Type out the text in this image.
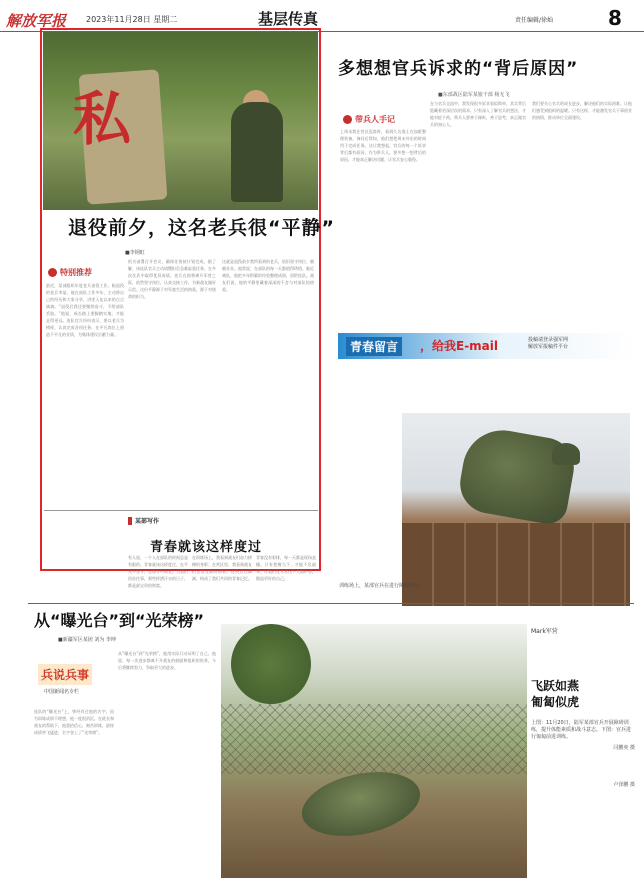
解放军报 2023年11月28日 星期二	基层传真	责任编辑/徐灿	8
私
退役前夕，这名老兵很“平静”
■李钢虹
特别推荐
最近，某部组织年度老兵退役工作。临退役的老兵李某，他在部队工作多年，主动将自己的经历和大家分享，讲述入伍以来的点点滴滴。“退役后我还要继续奋斗，不给部队丢脸。”他说，成长路上要脚踏实地，才能走得更远。连队官兵纷纷表示，要以老兵为榜样，认真完成各项任务，在平凡岗位上创造不平凡的业绩，为集体建设贡献力量。
机关部署召开会议，确保任务按计划完成。据了解，该连队官兵主动请缨担负急难险重任务，在多次比武中取得优异成绩。老兵在即将离开军营之际，依然坚守岗位，认真交接工作，为新战友做好示范。这份平静源于对军旅生活的热爱，源于对使命的担当。
这就是退役前夕我所看到的老兵，依旧坚守岗位，兢兢业业。他常说，在部队的每一天都值得珍惜。临近离队，他把多年积累的经验整理成册，留给连队。战友们说，他的平静里藏着深深的不舍与对部队的热爱。
某部写作
青春就该这样度过
有人说，一个人在部队的时间总是有限的。青春就该这样度过，在平凡中坚守，在奋斗中成长。当我们回首往事，那些挥洒汗水的日子，都是最宝贵的财富。
在训练场上，我看到战友们奋力拼搏的身影；在营区里，我看到战友们互帮互助的情景。这些点点滴滴，构成了我们共同的青春记忆。
青春没有彩排，每一天都是现场直播。只有把握当下，才能不负韶华。让我们在军营这个大熔炉里，锻造更好的自己。
多想想官兵诉求的“背后原因”
■东部战区陆军某旅干部 杨无飞
带兵人手记
上周末我在营区巡查时，看到几名战士在加班整理装备。询问后得知，他们想把周末外出的时间用于完成任务。这让我想起，官兵的每一个诉求背后都有原因，作为带兵人，要多想一想背后的原因，才能真正解决问题，让官兵安心服役。
在与官兵交流中，我发现很多诉求看似简单，其实背后隐藏着更深层次的需求。只有深入了解官兵的想法，才能对症下药。带兵人要善于倾听，善于思考，真正做官兵的知心人。
我们要关心官兵的成长进步，解决他们的实际困难，让他们感受到组织的温暖。只有这样，才能激发官兵干事创业的热情，推动单位全面建设。
青春留言	，给我E-mail	投稿请登录强军网
解放军报稿件平台
训练场上，某部官兵在进行障碍训练。
从“曝光台”到“光荣榜”
■新疆军区某团 刘为 李坤
兵说兵事
中国新闻名专栏
连队的“曝光台”上，曾经有过他的名字。因为训练成绩不理想，他一度很消沉。在班长和战友的帮助下，他重拾信心，刻苦训练，最终成绩突飞猛进，名字登上了“光荣榜”。
从“曝光台”到“光荣榜”，他用实际行动证明了自己。他说，每一次进步都离不开战友的鼓励和组织的培养，今后将继续努力，争取更大的进步。
Mark军营
飞跃如燕
匍匐似虎
上图：11月20日，陆军某部官兵开展障碍训练，提升体能素质和战斗意志。下图：官兵进行匍匐前进训练。
闫鹏奕 摄
卢泽鹏 摄
